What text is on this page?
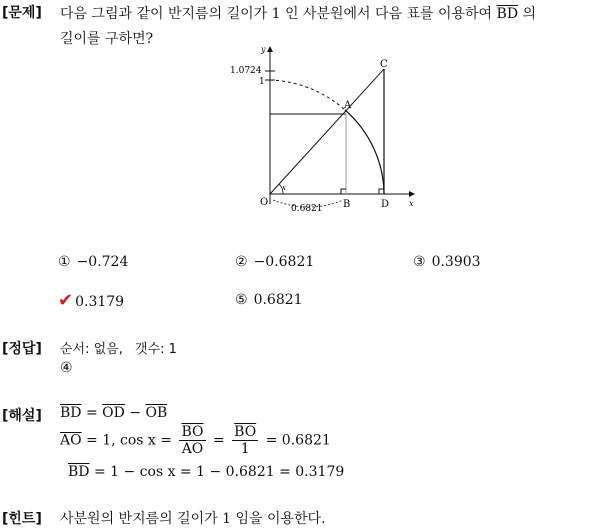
[문제] 다음 그림과 같이 반지름의 길이가 1 인 사분원에서 다음 표를 이용하여 $\overline{BD}$ 의
길이를 구하면?
y
1.0724
1
A
C
O	B	D
x
x
0.6821
① −0.724	② −0.6821	③ 0.3903
✔ 0.3179	⑤ 0.6821
[정답] 순서: 없음, 갯수: 1
④
[해설] $\overline{BD} = \overline{OD} - \overline{OB}$
$\overline{AO} = 1$, $\cos x = \frac{\overline{BO}}{AO} = \frac{\overline{BO}}{1} = 0.6821$
$\overline{BD} = 1 - \cos x = 1 - 0.6821 = 0.3179$
[힌트] 사분원의 반지름의 길이가 1 임을 이용한다.
